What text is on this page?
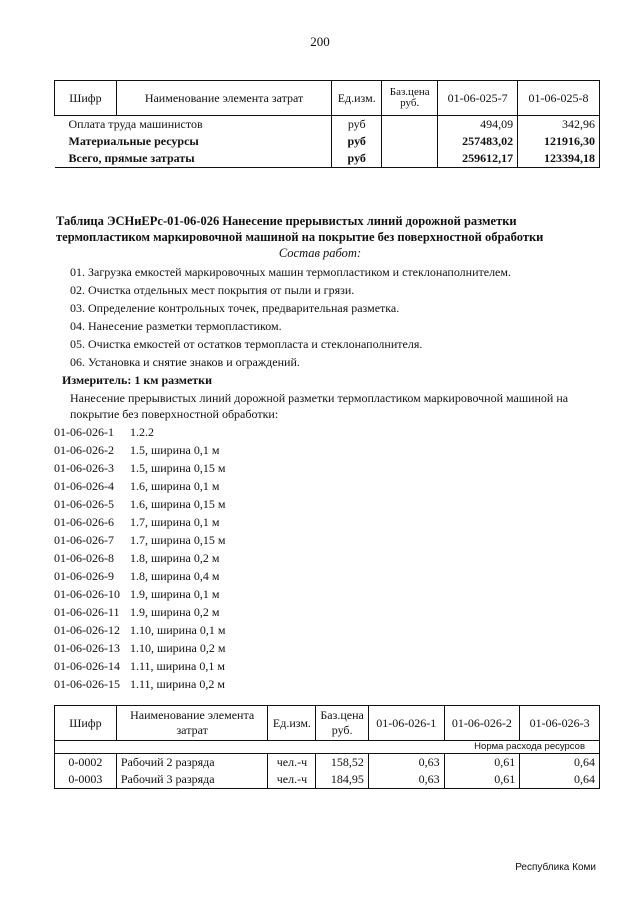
200
Шифр	Наименование элемента затрат	Ед.изм.	Баз.цена руб.	01-06-025-7	01-06-025-8
Оплата труда машинистов		руб		494,09	342,96
Материальные ресурсы		руб		257483,02	121916,30
Всего, прямые затраты		руб		259612,17	123394,18
Таблица ЭСНиЕРс-01-06-026 Нанесение прерывистых линий дорожной разметки
термопластиком маркировочной машиной на покрытие без поверхностной обработки
Состав работ:
01. Загрузка емкостей маркировочных машин термопластиком и стеклонаполнителем.
02. Очистка отдельных мест покрытия от пыли и грязи.
03. Определение контрольных точек, предварительная разметка.
04. Нанесение разметки термопластиком.
05. Очистка емкостей от остатков термопласта и стеклонаполнителя.
06. Установка и снятие знаков и ограждений.
Измеритель: 1 км разметки
Нанесение прерывистых линий дорожной разметки термопластиком маркировочной машиной на покрытие без поверхностной обработки:
01-06-026-1 1.2.2
01-06-026-2 1.5, ширина 0,1 м
01-06-026-3 1.5, ширина 0,15 м
01-06-026-4 1.6, ширина 0,1 м
01-06-026-5 1.6, ширина 0,15 м
01-06-026-6 1.7, ширина 0,1 м
01-06-026-7 1.7, ширина 0,15 м
01-06-026-8 1.8, ширина 0,2 м
01-06-026-9 1.8, ширина 0,4 м
01-06-026-10 1.9, ширина 0,1 м
01-06-026-11 1.9, ширина 0,2 м
01-06-026-12 1.10, ширина 0,1 м
01-06-026-13 1.10, ширина 0,2 м
01-06-026-14 1.11, ширина 0,1 м
01-06-026-15 1.11, ширина 0,2 м
Шифр	Наименование элемента затрат	Ед.изм.	Баз.цена руб.	01-06-026-1	01-06-026-2	01-06-026-3
Норма расхода ресурсов						
0-0002	Рабочий 2 разряда	чел.-ч	158,52	0,63	0,61	0,64
0-0003	Рабочий 3 разряда	чел.-ч	184,95	0,63	0,61	0,64
Республика Коми
